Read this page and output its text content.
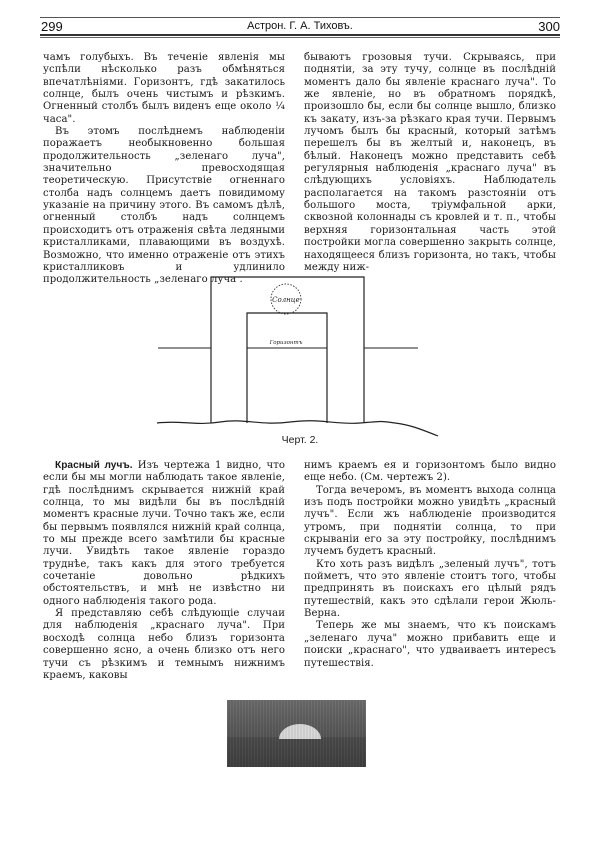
299	Астрон. Г. А. Тиховъ.	300

чамъ голубыхъ. Въ теченіе явленія мы успѣли нѣсколько разъ обмѣняться впечатлѣніями. Горизонтъ, гдѣ закатилось солнце, былъ очень чистымъ и рѣзкимъ. Огненный столбъ былъ виденъ еще около ¼ часа".

Въ этомъ послѣднемъ наблюденіи поражаетъ необыкновенно большая продолжительность „зеленаго луча", значительно превосходящая теоретическую. Присутствіе огненнаго столба надъ солнцемъ даетъ повидимому указаніе на причину этого. Въ самомъ дѣлѣ, огненный столбъ надъ солнцемъ происходитъ отъ отраженія свѣта ледяными кристалликами, плавающими въ воздухѣ. Возможно, что именно отраженіе отъ этихъ кристалликовъ и удлинило продолжительность „зеленаго луча .

бываютъ грозовыя тучи. Скрываясь, при поднятіи, за эту тучу, солнце въ послѣдній моментъ дало бы явленіе краснаго луча". То же явленіе, но въ обратномъ порядкѣ, произошло бы, если бы солнце вышло, близко къ закату, изъ-за рѣзкаго края тучи. Первымъ лучомъ былъ бы красный, который затѣмъ перешелъ бы въ желтый и, наконецъ, въ бѣлый. Наконецъ можно представить себѣ регулярныя наблюденія „краснаго луча" въ слѣдующихъ условіяхъ. Наблюдатель располагается на такомъ разстояніи отъ большого моста, тріумфальной арки, сквозной колоннады съ кровлей и т. п., чтобы верхняя горизонтальная часть этой постройки могла совершенно закрыть солнце, находящееся близъ горизонта, но такъ, чтобы между ниж-

Солнце
Горизонтъ
Черт. 2.

Красный лучъ. Изъ чертежа 1 видно, что если бы мы могли наблюдать такое явленіе, гдѣ послѣднимъ скрывается нижній край солнца, то мы видѣли бы въ послѣдній моментъ красные лучи. Точно такъ же, если бы первымъ появлялся нижній край солнца, то мы прежде всего замѣтили бы красные лучи. Увидѣть такое явленіе гораздо труднѣе, такъ какъ для этого требуется сочетаніе довольно рѣдкихъ обстоятельствъ, и мнѣ не извѣстно ни одного наблюденія такого рода.

Я представляю себѣ слѣдующіе случаи для наблюденія „краснаго луча". При восходѣ солнца небо близъ горизонта совершенно ясно, а очень близко отъ него тучи съ рѣзкимъ и темнымъ нижнимъ краемъ, каковы

нимъ краемъ ея и горизонтомъ было видно еще небо. (См. чертежъ 2).

Тогда вечеромъ, въ моментъ выхода солнца изъ подъ постройки можно увидѣть „красный лучъ". Если жъ наблюденіе производится утромъ, при поднятіи солнца, то при скрываніи его за эту постройку, послѣднимъ лучемъ будетъ красный.

Кто хоть разъ видѣлъ „зеленый лучъ", тотъ пойметъ, что это явленіе стоитъ того, чтобы предпринять въ поискахъ его цѣлый рядъ путешествій, какъ это сдѣлали герои Жюль-Верна.

Теперь же мы знаемъ, что къ поискамъ „зеленаго луча" можно прибавить еще и поиски „краснаго", что удваиваетъ интересъ путешествія.
